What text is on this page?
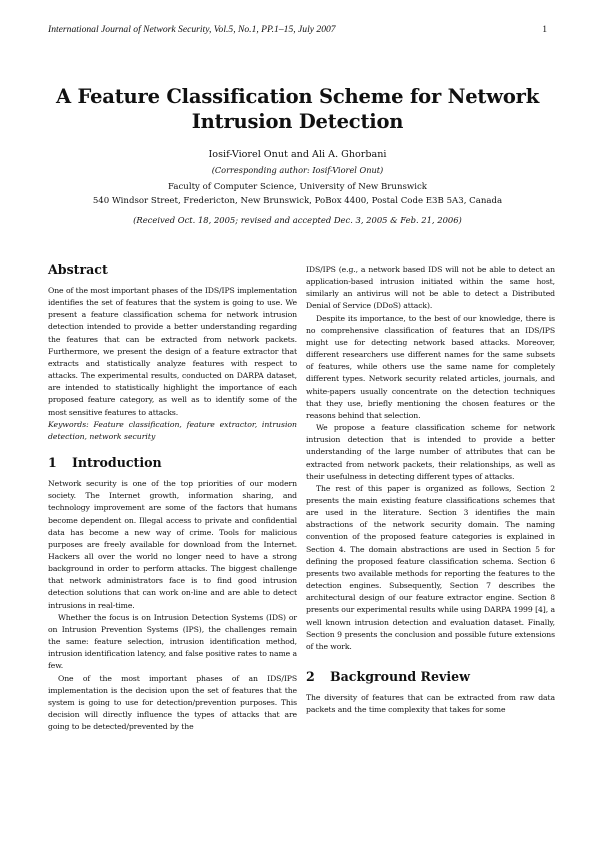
International Journal of Network Security, Vol.5, No.1, PP.1–15, July 2007	1
A Feature Classification Scheme for Network Intrusion Detection
Iosif-Viorel Onut and Ali A. Ghorbani
(Corresponding author: Iosif-Viorel Onut)
Faculty of Computer Science, University of New Brunswick
540 Windsor Street, Fredericton, New Brunswick, PoBox 4400, Postal Code E3B 5A3, Canada
(Received Oct. 18, 2005; revised and accepted Dec. 3, 2005 & Feb. 21, 2006)
Abstract

One of the most important phases of the IDS/IPS implementation identifies the set of features that the system is going to use. We present a feature classification schema for network intrusion detection intended to provide a better understanding regarding the features that can be extracted from network packets. Furthermore, we present the design of a feature extractor that extracts and statistically analyze features with respect to attacks. The experimental results, conducted on DARPA dataset, are intended to statistically highlight the importance of each proposed feature category, as well as to identify some of the most sensitive features to attacks.

Keywords: Feature classification, feature extractor, intrusion detection, network security

1 Introduction

Network security is one of the top priorities of our modern society. The Internet growth, information sharing, and technology improvement are some of the factors that humans become dependent on. Illegal access to private and confidential data has become a new way of crime. Tools for malicious purposes are freely available for download from the Internet. Hackers all over the world no longer need to have a strong background in order to perform attacks. The biggest challenge that network administrators face is to find good intrusion detection solutions that can work on-line and are able to detect intrusions in real-time.

Whether the focus is on Intrusion Detection Systems (IDS) or on Intrusion Prevention Systems (IPS), the challenges remain the same: feature selection, intrusion identification method, intrusion identification latency, and false positive rates to name a few.

One of the most important phases of an IDS/IPS implementation is the decision upon the set of features that the system is going to use for detection/prevention purposes. This decision will directly influence the types of attacks that are going to be detected/prevented by the

IDS/IPS (e.g., a network based IDS will not be able to detect an application-based intrusion initiated within the same host, similarly an antivirus will not be able to detect a Distributed Denial of Service (DDoS) attack).

Despite its importance, to the best of our knowledge, there is no comprehensive classification of features that an IDS/IPS might use for detecting network based attacks. Moreover, different researchers use different names for the same subsets of features, while others use the same name for completely different types. Network security related articles, journals, and white-papers usually concentrate on the detection techniques that they use, briefly mentioning the chosen features or the reasons behind that selection.

We propose a feature classification scheme for network intrusion detection that is intended to provide a better understanding of the large number of attributes that can be extracted from network packets, their relationships, as well as their usefulness in detecting different types of attacks.

The rest of this paper is organized as follows, Section 2 presents the main existing feature classifications schemes that are used in the literature. Section 3 identifies the main abstractions of the network security domain. The naming convention of the proposed feature categories is explained in Section 4. The domain abstractions are used in Section 5 for defining the proposed feature classification schema. Section 6 presents two available methods for reporting the features to the detection engines. Subsequently, Section 7 describes the architectural design of our feature extractor engine. Section 8 presents our experimental results while using DARPA 1999 [4], a well known intrusion detection and evaluation dataset. Finally, Section 9 presents the conclusion and possible future extensions of the work.

2 Background Review

The diversity of features that can be extracted from raw data packets and the time complexity that takes for some
